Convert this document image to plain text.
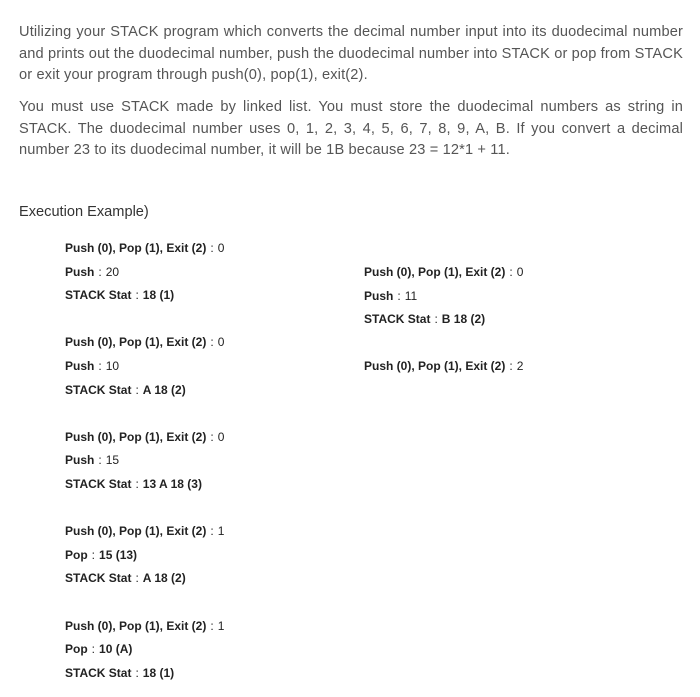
Utilizing your STACK program which converts the decimal number input into its duodecimal number and prints out the duodecimal number, push the duodecimal number into STACK or pop from STACK or exit your program through push(0), pop(1), exit(2).

You must use STACK made by linked list. You must store the duodecimal numbers as string in STACK. The duodecimal number uses 0, 1, 2, 3, 4, 5, 6, 7, 8, 9, A, B. If you convert a decimal number 23 to its duodecimal number, it will be 1B because 23 = 12*1 + 11.

Execution Example)

Push (0), Pop (1), Exit (2) : 0
Push : 20
STACK Stat : 18 (1)
Push (0), Pop (1), Exit (2) : 0
Push : 10
STACK Stat : A 18 (2)
Push (0), Pop (1), Exit (2) : 0
Push : 15
STACK Stat : 13 A 18 (3)
Push (0), Pop (1), Exit (2) : 1
Pop : 15 (13)
STACK Stat : A 18 (2)
Push (0), Pop (1), Exit (2) : 1
Pop : 10 (A)
STACK Stat : 18 (1)
Push (0), Pop (1), Exit (2) : 0
Push : 11
STACK Stat : B 18 (2)
Push (0), Pop (1), Exit (2) : 2
